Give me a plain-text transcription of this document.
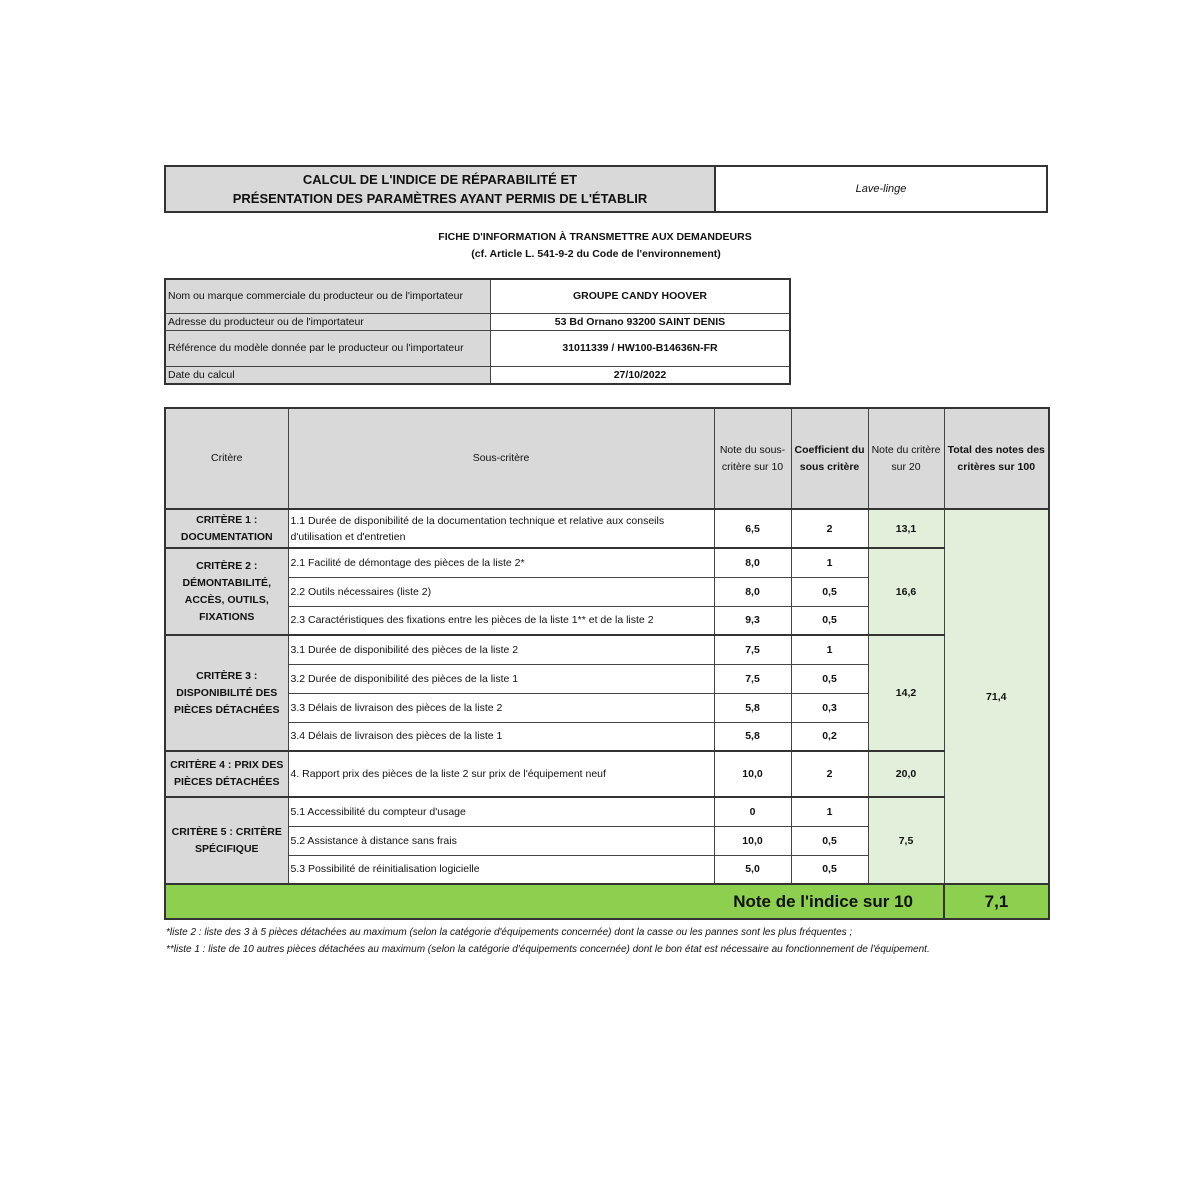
CALCUL DE L'INDICE DE RÉPARABILITÉ ET
PRÉSENTATION DES PARAMÈTRES AYANT PERMIS DE L'ÉTABLIR
Lave-linge
FICHE D'INFORMATION À TRANSMETTRE AUX DEMANDEURS
(cf. Article L. 541-9-2 du Code de l'environnement)
Nom ou marque commerciale du producteur ou de l'importateur	GROUPE CANDY HOOVER
Adresse du producteur ou de l'importateur	53 Bd Ornano 93200 SAINT DENIS
Référence du modèle donnée par le producteur ou l'importateur	31011339 / HW100-B14636N-FR
Date du calcul	27/10/2022
Critère	Sous-critère	Note du sous-critère sur 10	Coefficient du sous critère	Note du critère sur 20	Total des notes des critères sur 100
CRITÈRE 1 : DOCUMENTATION	1.1 Durée de disponibilité de la documentation technique et relative aux conseils d'utilisation et d'entretien	6,5	2	13,1	71,4
CRITÈRE 2 : DÉMONTABILITÉ, ACCÈS, OUTILS, FIXATIONS	2.1 Facilité de démontage des pièces de la liste 2*	8,0	1	16,6	
	2.2 Outils nécessaires (liste 2)	8,0	0,5		
	2.3 Caractéristiques des fixations entre les pièces de la liste 1** et de la liste 2	9,3	0,5		
CRITÈRE 3 : DISPONIBILITÉ DES PIÈCES DÉTACHÉES	3.1 Durée de disponibilité des pièces de la liste 2	7,5	1	14,2	
	3.2 Durée de disponibilité des pièces de la liste 1	7,5	0,5		
	3.3 Délais de livraison des pièces de la liste 2	5,8	0,3		
	3.4 Délais de livraison des pièces de la liste 1	5,8	0,2		
CRITÈRE 4 : PRIX DES PIÈCES DÉTACHÉES	4. Rapport prix des pièces de la liste 2 sur prix de l'équipement neuf	10,0	2	20,0	
CRITÈRE 5 : CRITÈRE SPÉCIFIQUE	5.1 Accessibilité du compteur d'usage	0	1	7,5	
	5.2 Assistance à distance sans frais	10,0	0,5		
	5.3 Possibilité de réinitialisation logicielle	5,0	0,5		
Note de l'indice sur 10					7,1

*liste 2 : liste des 3 à 5 pièces détachées au maximum (selon la catégorie d'équipements concernée) dont la casse ou les pannes sont les plus fréquentes ;

**liste 1 : liste de 10 autres pièces détachées au maximum (selon la catégorie d'équipements concernée) dont le bon état est nécessaire au fonctionnement de l'équipement.
